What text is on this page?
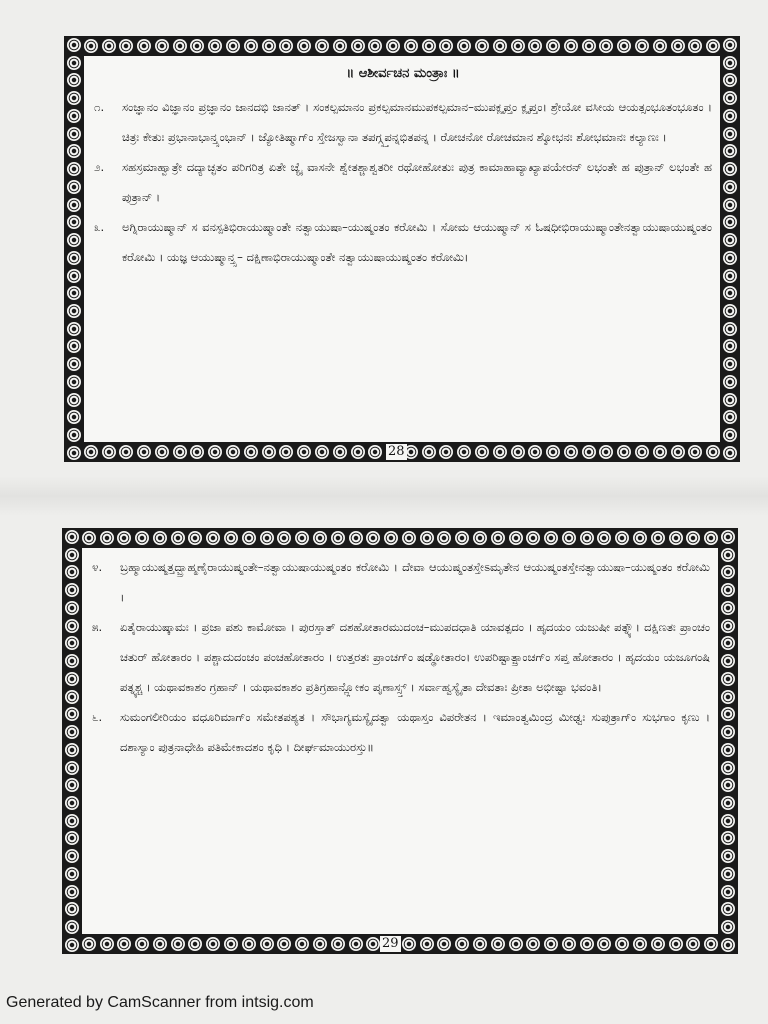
॥ ಆಶೀರ್ವಚನ ಮಂತ್ರಾಃ ॥
೧.	ಸಂಜ್ಞಾನಂ ವಿಜ್ಞಾನಂ ಪ್ರಜ್ಞಾನಂ ಜಾನದಭಿ ಜಾನತ್ । ಸಂಕಲ್ಪಮಾನಂ ಪ್ರಕಲ್ಪಮಾನಮುಪಕಲ್ಪಮಾನ–ಮುಪಕ್ಲೃಪ್ತಂ ಕ್ಲೃಪ್ತಂ। ಶ್ರೇಯೋ ವಸೀಯ ಆಯತ್ಸಂಭೂತಂಭೂತಂ । ಚಿತ್ರಃ ಕೇತುಃ ಪ್ರಭಾನಾಭಾನ್ತ್ಸಂಭಾನ್ । ಜ್ಯೋತಿಷ್ಮಾಗ್ಂ ಸ್ತೇಜಸ್ವಾನಾ ತಪಗ್ಗ್ಸ್ತಪನ್ನಭಿತಪನ್ನ । ರೋಚನೋ ರೋಚಮಾನ ಶ್ಶೋಭನಃ ಶೋಭಮಾನಃ ಕಲ್ಯಾಣಃ ।
೨.	ಸಹಸ್ರಮಾಹ್ವಾತ್ರೇ ದದ್ಯಾಚ್ಛತಂ ಪರಿಗರಿತ್ರ ಏತೇ ಚ್ಯೈ ವಾಸನೇ ಶ್ವೇತಶ್ಚಾಶ್ವತರೀ ರಥೋಹೋತುಃ ಪುತ್ರ ಕಾಮಾಹಾವ್ಯಾಖ್ಯಾಪಯೇರನ್ ಲಭಂತೇ ಹ ಪುತ್ರಾನ್ ಲಭಂತೇ ಹ ಪುತ್ರಾನ್ ।
೩.	ಅಗ್ನಿರಾಯುಷ್ಮಾನ್ ಸ ವನಸ್ಪತಿಭಿರಾಯುಷ್ಮಾಂತೇ ನತ್ವಾಯುಷಾ–ಯುಷ್ಮಂತಂ ಕರೋಮಿ । ಸೋಮ ಆಯುಷ್ಮಾನ್ ಸ ಓಷಧೀಭಿರಾಯುಷ್ಮಾಂತೇನತ್ವಾಯುಷಾಯುಷ್ಮಂತಂ ಕರೋಮಿ । ಯಜ್ಞ ಆಯುಷ್ಮಾನ್ತ್ಸ– ದಕ್ಷಿಣಾಭಿರಾಯುಷ್ಮಾಂತೇ ನತ್ವಾಯುಷಾಯುಷ್ಮಂತಂ ಕರೋಮಿ।
28
೪.	ಬ್ರಹ್ಮಾಯುಷ್ಮತ್ತದ್ಬ್ರಾಹ್ಮಣೈರಾಯುಷ್ಮಂತೇ–ನತ್ವಾಯುಷಾಯುಷ್ಮಂತಂ ಕರೋಮಿ । ದೇವಾ ಆಯುಷ್ಮಂತಸ್ತೇಽಮೃತೇನ ಆಯುಷ್ಮಂತಸ್ತೇನತ್ವಾಯುಷಾ–ಯುಷ್ಮಂತಂ ಕರೋಮಿ ।
೫.	ಏತೈರಾಯುಷ್ಕಾಮಃ । ಪ್ರಜಾ ಪಶು ಕಾಮೋವಾ । ಪುರಸ್ತಾತ್ ದಶಹೋತಾರಮುದಂಚ–ಮುಪದಧಾತಿ ಯಾವತ್ಪದಂ । ಹೃದಯಂ ಯಜುಷೀ ಪತ್ನ್ಯೌ। ದಕ್ಷಿಣತಃ ಪ್ರಾಂಚಂ ಚತುರ್ ಹೋತಾರಂ । ಪಶ್ಚಾದುದಂಚಂ ಪಂಚಹೋತಾರಂ । ಉತ್ತರತಃ ಪ್ರಾಂಚಗ್ಂ ಷಡ್ಢೋತಾರಂ। ಉಪರಿಷ್ಟಾತ್ಪ್ರಾಂಚಗ್ಂ ಸಪ್ತ ಹೋತಾರಂ । ಹೃದಯಂ ಯಜೂಗಂಷಿ ಪತ್ನ್ಯಶ್ಚ । ಯಥಾವಕಾಶಂ ಗ್ರಹಾನ್ । ಯಥಾವಕಾಶಂ ಪ್ರತಿಗ್ರಹಾನ್ಲ್ಲೋಕಂ ಪೃಣಾಸ್ಸ್ತ್ । ಸರ್ವಾಹ್ವಸ್ಯೈತಾ ದೇವತಾಃ ಪ್ರೀತಾ ಅಭೀಷ್ಟಾ ಭವಂತಿ।
೬.	ಸುಮಂಗಲೀರಿಯಂ ವಧೂರಿಮಾಗ್ಂ ಸಮೇತಪಶ್ಯತ । ಸೌಭಾಗ್ಯಮಸ್ಯೈದತ್ವಾ ಯಥಾಸ್ತಂ ವಿಪರೇತನ । ಇಮಾಂತ್ವಮಿಂದ್ರ ಮೀಢ್ವಃ ಸುಪುತ್ರಾಗ್ಂ ಸುಭಗಾಂ ಕೃಣು । ದಶಾಸ್ಯಾಂ ಪುತ್ರನಾಧೇಹಿ ಪತಿಮೇಕಾದಶಂ ಕೃಧಿ । ದೀರ್ಘಮಾಯುರಸ್ತು॥
29
Generated by CamScanner from intsig.com
